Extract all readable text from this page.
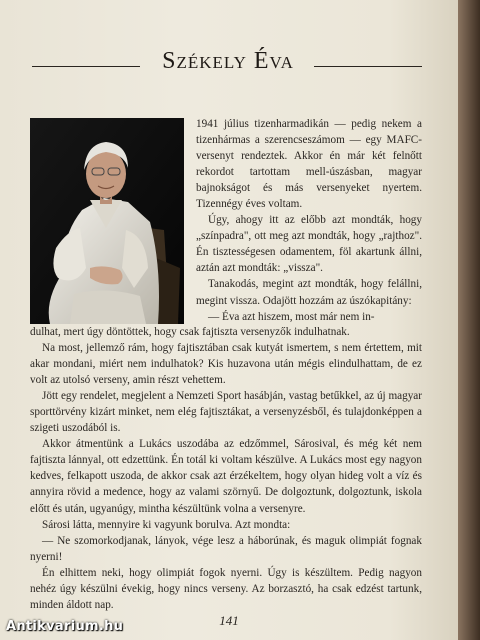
Székely Éva

1941 július tizenharmadikán — pedig nekem a tizenhármas a szerencseszámom — egy MAFC-versenyt rendeztek. Akkor én már két felnőtt rekordot tartottam mell-úszásban, magyar bajnokságot és más versenyeket nyertem. Tizennégy éves voltam.

Úgy, ahogy itt az előbb azt mondták, hogy „színpadra", ott meg azt mondták, hogy „rajthoz". Én tisztességesen odamentem, föl akartunk állni, aztán azt mondták: „vissza".

Tanakodás, megint azt mondták, hogy felállni, megint vissza. Odajött hozzám az úszókapitány:

— Éva azt hiszem, most már nem in-

dulhat, mert úgy döntöttek, hogy csak fajtiszta versenyzők indulhatnak.

Na most, jellemző rám, hogy fajtisztában csak kutyát ismertem, s nem értettem, mit akar mondani, miért nem indulhatok? Kis huzavona után mégis elindulhattam, de ez volt az utolsó verseny, amin részt vehettem.

Jött egy rendelet, megjelent a Nemzeti Sport hasábján, vastag betűkkel, az új magyar sporttörvény kizárt minket, nem elég fajtisztákat, a versenyzésből, és tulajdonképpen a szigeti uszodából is.

Akkor átmentünk a Lukács uszodába az edzőmmel, Sárosival, és még két nem fajtiszta lánnyal, ott edzettünk. Én totál ki voltam készülve. A Lukács most egy nagyon kedves, felkapott uszoda, de akkor csak azt érzékeltem, hogy olyan hideg volt a víz és annyira rövid a medence, hogy az valami szörnyű. De dolgoztunk, dolgoztunk, iskola előtt és után, ugyanúgy, mintha készültünk volna a versenyre.

Sárosi látta, mennyire ki vagyunk borulva. Azt mondta:

— Ne szomorkodjanak, lányok, vége lesz a háborúnak, és maguk olimpiát fognak nyerni!

Én elhittem neki, hogy olimpiát fogok nyerni. Úgy is készültem. Pedig nagyon nehéz úgy készülni évekig, hogy nincs verseny. Az borzasztó, ha csak edzést tartunk, minden áldott nap.

141
Antikvarium.hu
